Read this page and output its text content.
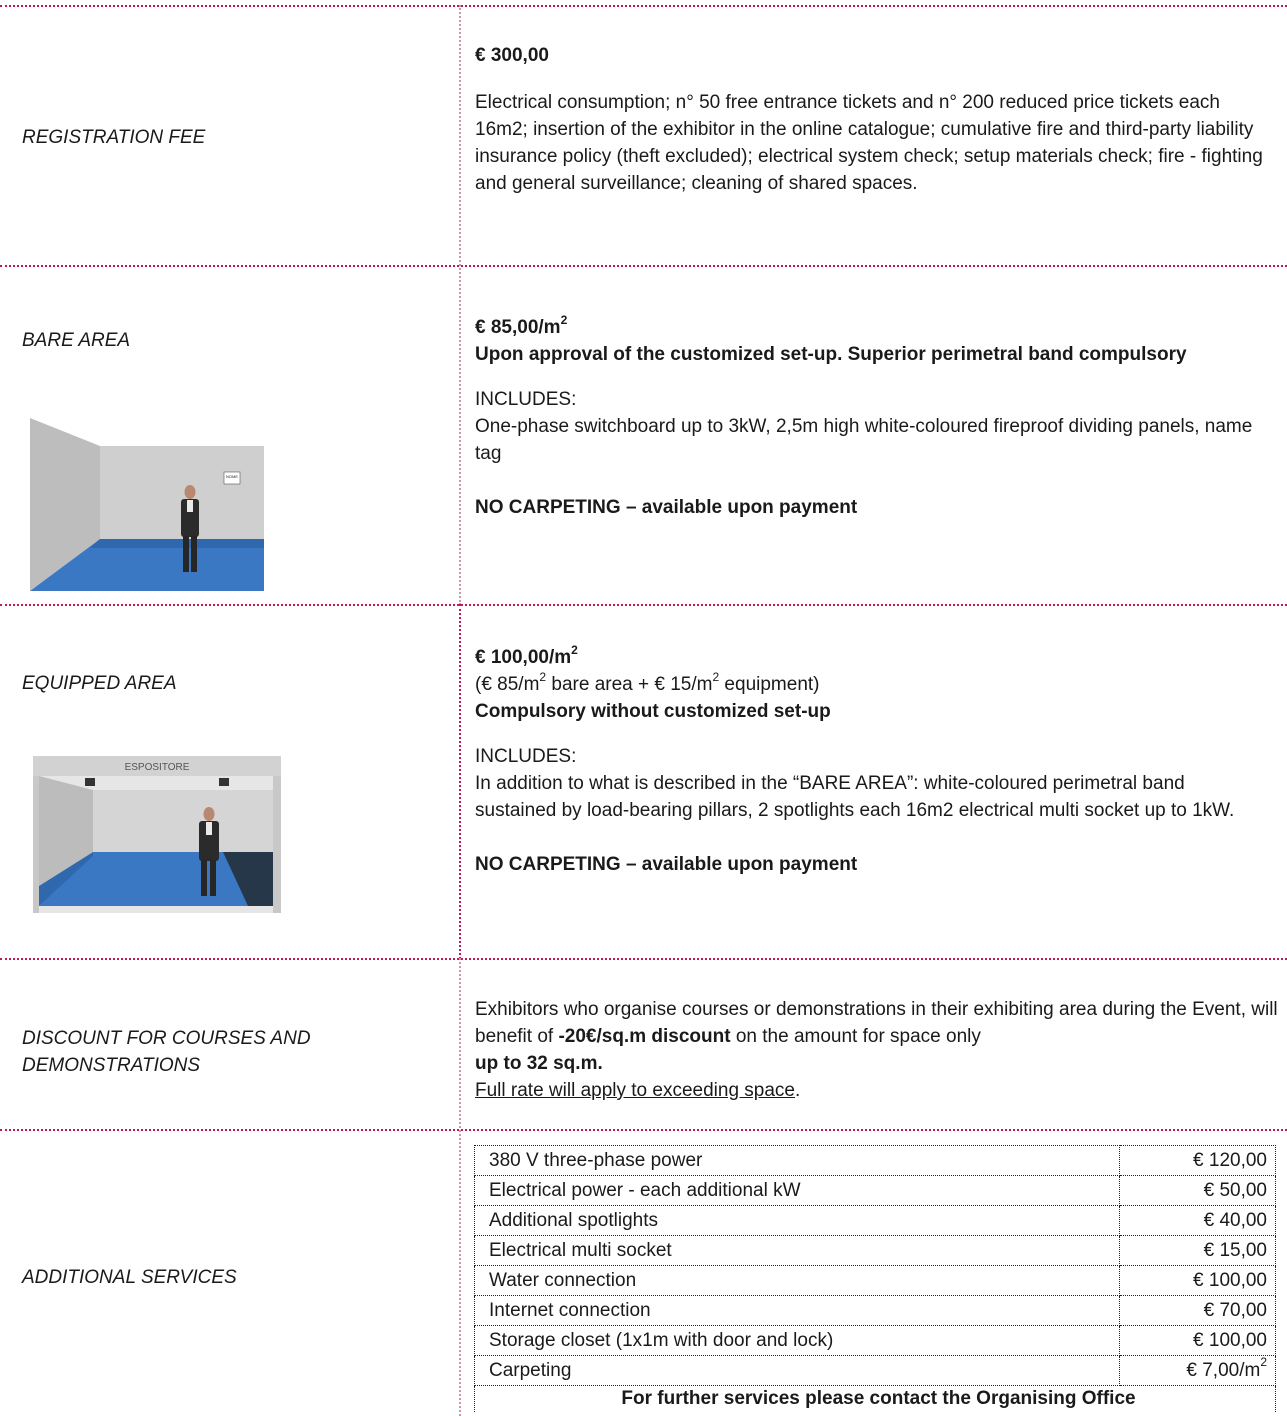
REGISTRATION FEE

€ 300,00

Electrical consumption; n° 50 free entrance tickets and n° 200 reduced price tickets each 16m2; insertion of the exhibitor in the online catalogue; cumulative fire and third-party liability insurance policy (theft excluded); electrical system check; setup materials check; fire - fighting and general surveillance; cleaning of shared spaces.

BARE AREA
NOME

€ $85,00/m^2$

Upon approval of the customized set-up. Superior perimetral band compulsory

INCLUDES:

One-phase switchboard up to 3kW, 2,5m high white-coloured fireproof dividing panels, name tag

NO CARPETING – available upon payment

EQUIPPED AREA
ESPOSITORE

€ $100,00/m^2$

(€ $85/m^2$ bare area + € $15/m^2$ equipment)

Compulsory without customized set-up

INCLUDES:

In addition to what is described in the “BARE AREA”: white-coloured perimetral band sustained by load-bearing pillars, 2 spotlights each 16m2 electrical multi socket up to 1kW.

NO CARPETING – available upon payment

DISCOUNT FOR COURSES AND
DEMONSTRATIONS

Exhibitors who organise courses or demonstrations in their exhibiting area during the Event, will benefit of -20€/sq.m discount on the amount for space only

up to 32 sq.m.

Full rate will apply to exceeding space.

ADDITIONAL SERVICES
380 V three-phase power	€ 120,00
Electrical power - each additional kW	€ 50,00
Additional spotlights	€ 40,00
Electrical multi socket	€ 15,00
Water connection	€ 100,00
Internet connection	€ 70,00
Storage closet (1x1m with door and lock)	€ 100,00
Carpeting	€ $7,00/m^2$
For further services please contact the Organising Office	
